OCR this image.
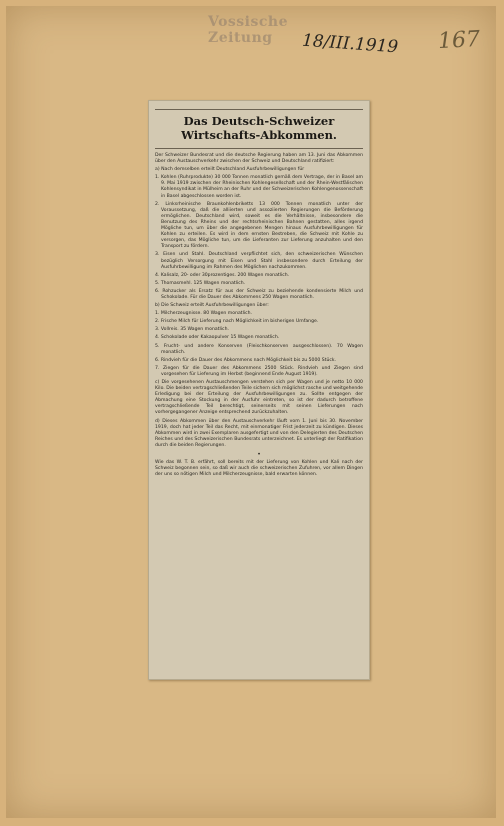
Vossische Zeitung	18/III.1919 167
Das Deutsch-Schweizer Wirtschafts-Abkommen.

Der Schweizer Bundesrat und die deutsche Regierung haben am 13. Juni das Abkommen über den Austauschverkehr zwischen der Schweiz und Deutschland ratifiziert:

a) Nach demselben erteilt Deutschland Ausfuhrbewilligungen für

1. Kohlen (Ruhrprodukte) 30 000 Tonnen monatlich gemäß dem Vertrage, der in Basel am 9. Mai 1919 zwischen der Rheinischen Kohlengesellschaft und der Rhein-Westfälischen Kohlensyndikat in Mülheim an der Ruhr und der Schweizerischen Kohlengenossenschaft in Basel abgeschlossen worden ist.

2. Linksrheinische Braunkohlenbriketts 13 000 Tonnen monatlich unter der Voraussetzung, daß die alliierten und assoziierten Regierungen die Beförderung ermöglichen. Deutschland wird, soweit es die Verhältnisse, insbesondere die Benutzung des Rheins und der rechtsrheinischen Bahnen gestatten, alles irgend Mögliche tun, um über die angegebenen Mengen hinaus Ausfuhrbewilligungen für Kohlen zu erteilen. Es wird in dem ernsten Bestreben, die Schweiz mit Kohle zu versorgen, das Mögliche tun, um die Lieferanten zur Lieferung anzuhalten und den Transport zu fördern.

3. Eisen und Stahl. Deutschland verpflichtet sich, den schweizerischen Wünschen bezüglich Versorgung mit Eisen und Stahl insbesondere durch Erteilung der Ausfuhrbewilligung im Rahmen des Möglichen nachzukommen.

4. Kalisalz, 20- oder 30prozentiges. 200 Wagen monatlich.

5. Thomasmehl. 125 Wagen monatlich.

6. Rohzucker als Ersatz für aus der Schweiz zu beziehende kondensierte Milch und Schokolade. Für die Dauer des Abkommens 250 Wagen monatlich.

b) Die Schweiz erteilt Ausfuhrbewilligungen über:

1. Milcherzeugnisse. 80 Wagen monatlich.

2. Frische Milch für Lieferung nach Möglichkeit im bisherigen Umfange.

3. Vollreis. 35 Wagen monatlich.

4. Schokolade oder Kakaopulver 15 Wagen monatlich.

5. Frucht- und andere Konserven (Fleischkonserven ausgeschlossen). 70 Wagen monatlich.

6. Rindvieh für die Dauer des Abkommens nach Möglichkeit bis zu 5000 Stück.

7. Ziegen für die Dauer des Abkommens 2500 Stück. Rindvieh und Ziegen sind vorgesehen für Lieferung im Herbst (beginnend Ende August 1919).

c) Die vorgesehenen Austauschmengen verstehen sich per Wagen und je netto 10 000 Kilo. Die beiden vertragschließenden Teile sichern sich möglichst rasche und weitgehende Erledigung bei der Erteilung der Ausfuhrbewilligungen zu. Sollte entgegen der Abmachung eine Stockung in der Ausfuhr eintreten, so ist der dadurch betroffene vertragschließende Teil berechtigt, seinerseits mit seinen Lieferungen nach vorhergegangener Anzeige entsprechend zurückzuhalten.

d) Dieses Abkommen über den Austauschverkehr läuft vom 1. Juni bis 30. November 1919, doch hat jeder Teil das Recht, mit einmonatiger Frist jederzeit zu kündigen. Dieses Abkommen wird in zwei Exemplaren ausgefertigt und von den Delegierten des Deutschen Reiches und des Schweizerischen Bundesrats unterzeichnet. Es unterliegt der Ratifikation durch die beiden Regierungen.

•

Wie das W. T. B. erfährt, soll bereits mit der Lieferung von Kohlen und Kali nach der Schweiz begonnen sein, so daß wir auch die schweizerischen Zufuhren, vor allem Dingen der uns so nötigen Milch und Milcherzeugnisse, bald erwarten können.
